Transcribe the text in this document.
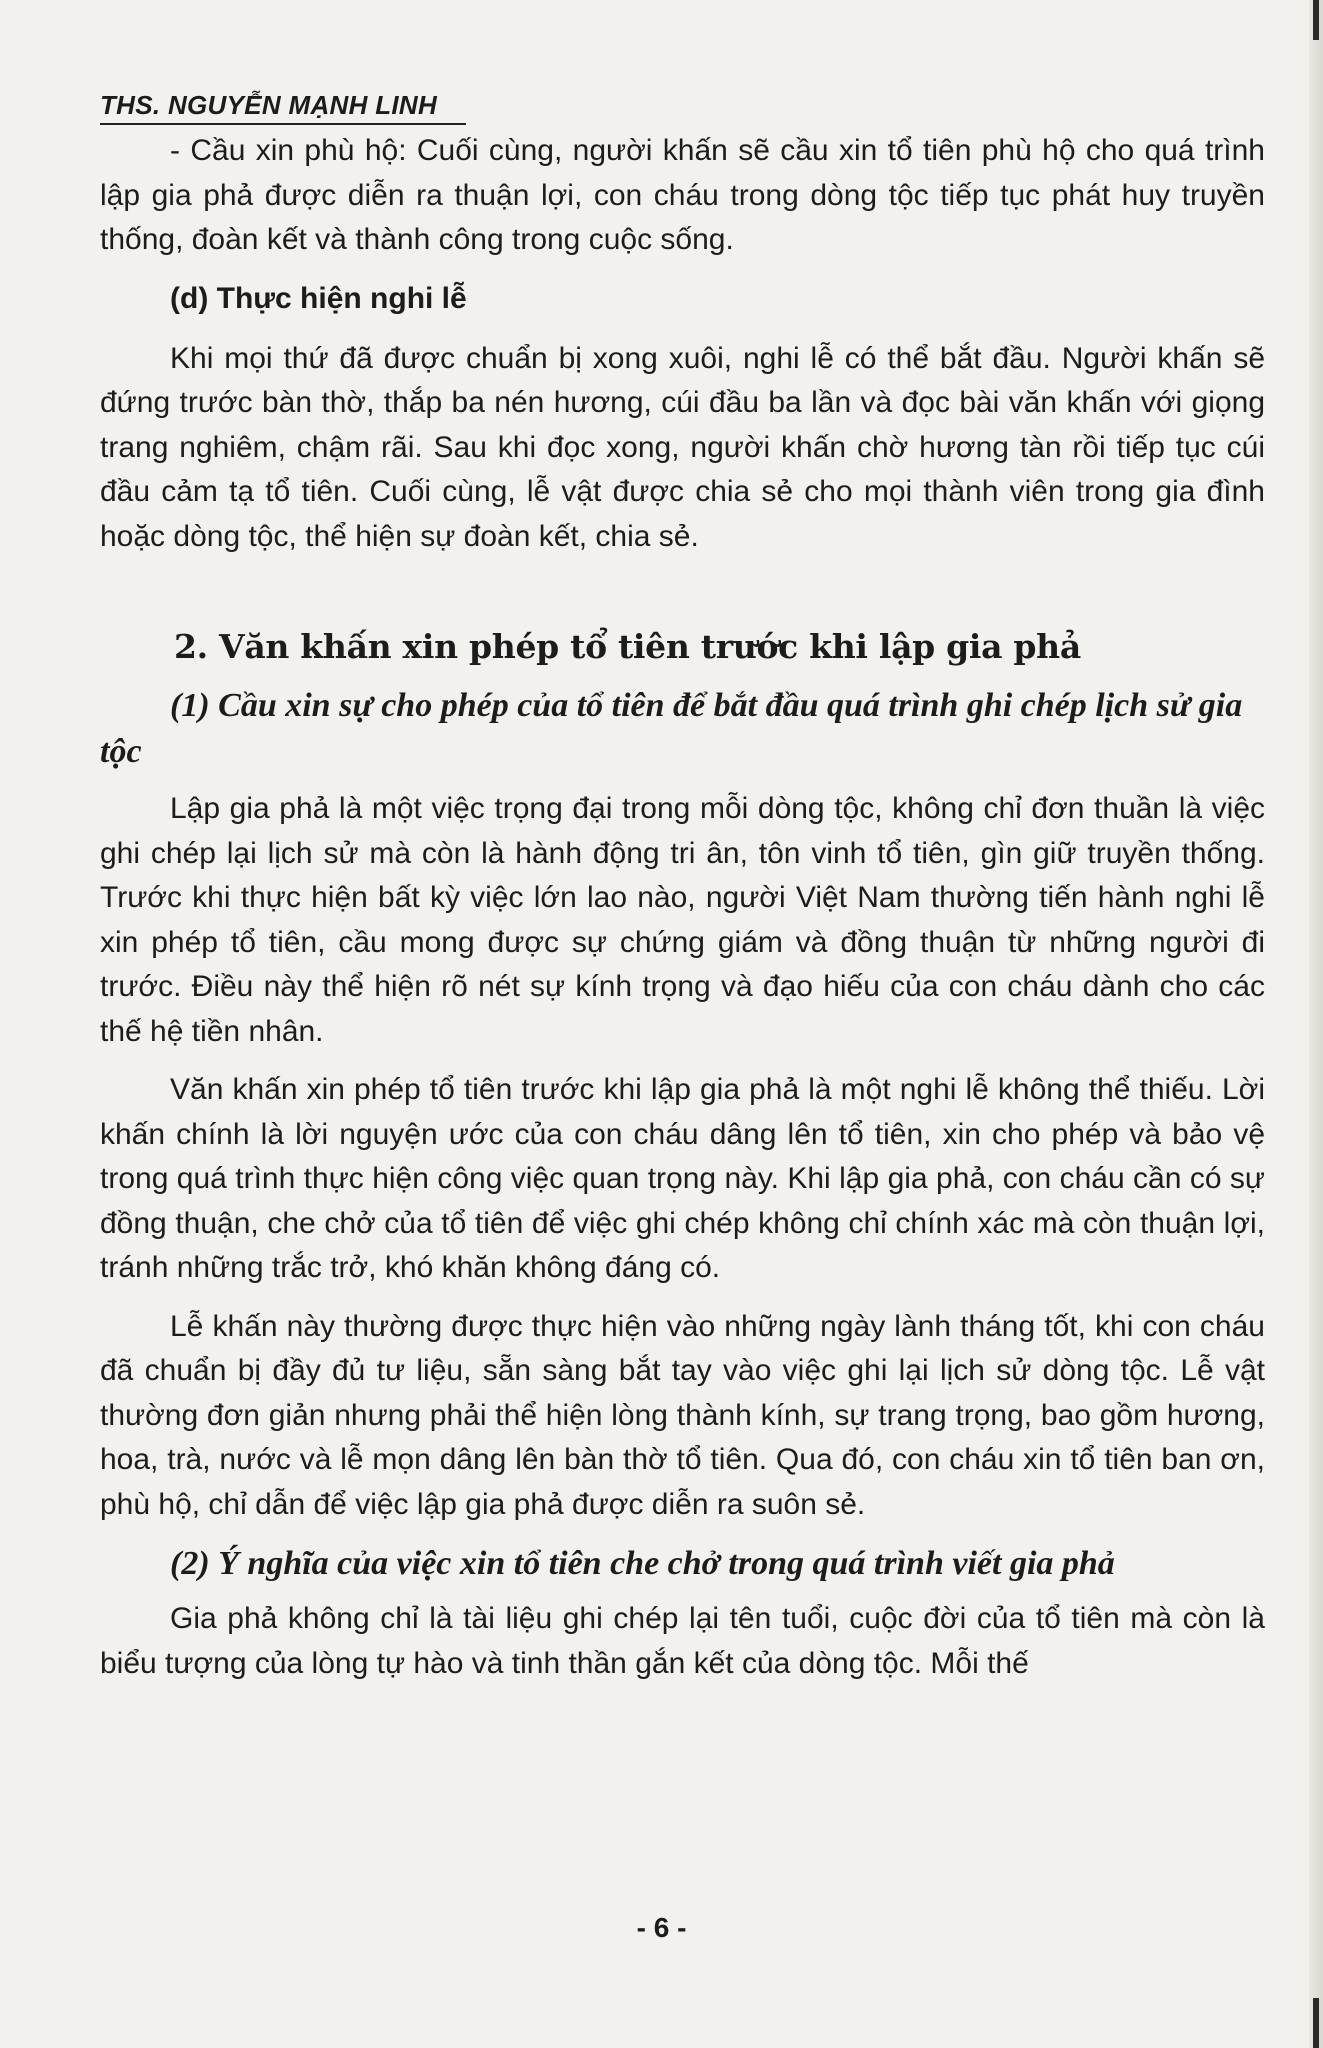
THS. NGUYỄN MẠNH LINH

- Cầu xin phù hộ: Cuối cùng, người khấn sẽ cầu xin tổ tiên phù hộ cho quá trình lập gia phả được diễn ra thuận lợi, con cháu trong dòng tộc tiếp tục phát huy truyền thống, đoàn kết và thành công trong cuộc sống.

(d) Thực hiện nghi lễ

Khi mọi thứ đã được chuẩn bị xong xuôi, nghi lễ có thể bắt đầu. Người khấn sẽ đứng trước bàn thờ, thắp ba nén hương, cúi đầu ba lần và đọc bài văn khấn với giọng trang nghiêm, chậm rãi. Sau khi đọc xong, người khấn chờ hương tàn rồi tiếp tục cúi đầu cảm tạ tổ tiên. Cuối cùng, lễ vật được chia sẻ cho mọi thành viên trong gia đình hoặc dòng tộc, thể hiện sự đoàn kết, chia sẻ.

2. Văn khấn xin phép tổ tiên trước khi lập gia phả

(1) Cầu xin sự cho phép của tổ tiên để bắt đầu quá trình ghi chép lịch sử gia tộc

Lập gia phả là một việc trọng đại trong mỗi dòng tộc, không chỉ đơn thuần là việc ghi chép lại lịch sử mà còn là hành động tri ân, tôn vinh tổ tiên, gìn giữ truyền thống. Trước khi thực hiện bất kỳ việc lớn lao nào, người Việt Nam thường tiến hành nghi lễ xin phép tổ tiên, cầu mong được sự chứng giám và đồng thuận từ những người đi trước. Điều này thể hiện rõ nét sự kính trọng và đạo hiếu của con cháu dành cho các thế hệ tiền nhân.

Văn khấn xin phép tổ tiên trước khi lập gia phả là một nghi lễ không thể thiếu. Lời khấn chính là lời nguyện ước của con cháu dâng lên tổ tiên, xin cho phép và bảo vệ trong quá trình thực hiện công việc quan trọng này. Khi lập gia phả, con cháu cần có sự đồng thuận, che chở của tổ tiên để việc ghi chép không chỉ chính xác mà còn thuận lợi, tránh những trắc trở, khó khăn không đáng có.

Lễ khấn này thường được thực hiện vào những ngày lành tháng tốt, khi con cháu đã chuẩn bị đầy đủ tư liệu, sẵn sàng bắt tay vào việc ghi lại lịch sử dòng tộc. Lễ vật thường đơn giản nhưng phải thể hiện lòng thành kính, sự trang trọng, bao gồm hương, hoa, trà, nước và lễ mọn dâng lên bàn thờ tổ tiên. Qua đó, con cháu xin tổ tiên ban ơn, phù hộ, chỉ dẫn để việc lập gia phả được diễn ra suôn sẻ.

(2) Ý nghĩa của việc xin tổ tiên che chở trong quá trình viết gia phả

Gia phả không chỉ là tài liệu ghi chép lại tên tuổi, cuộc đời của tổ tiên mà còn là biểu tượng của lòng tự hào và tinh thần gắn kết của dòng tộc. Mỗi thế

- 6 -
